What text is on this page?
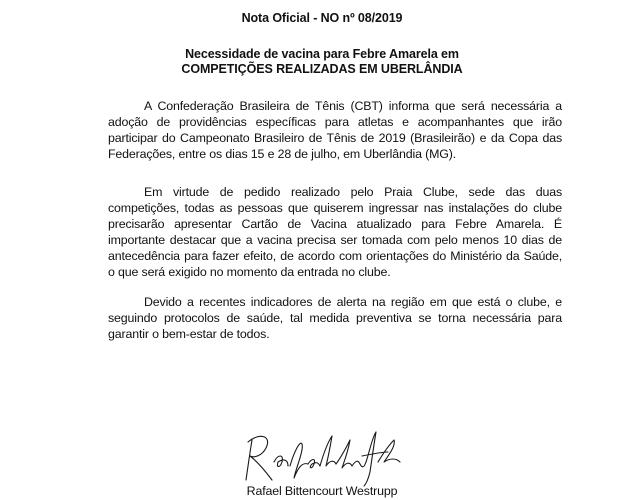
Nota Oficial - NO nº 08/2019
Necessidade de vacina para Febre Amarela em
COMPETIÇÕES REALIZADAS EM UBERLÂNDIA

A Confederação Brasileira de Tênis (CBT) informa que será necessária a adoção de providências específicas para atletas e acompanhantes que irão participar do Campeonato Brasileiro de Tênis de 2019 (Brasileirão) e da Copa das Federações, entre os dias 15 e 28 de julho, em Uberlândia (MG).

Em virtude de pedido realizado pelo Praia Clube, sede das duas competições, todas as pessoas que quiserem ingressar nas instalações do clube precisarão apresentar Cartão de Vacina atualizado para Febre Amarela. É importante destacar que a vacina precisa ser tomada com pelo menos 10 dias de antecedência para fazer efeito, de acordo com orientações do Ministério da Saúde, o que será exigido no momento da entrada no clube.

Devido a recentes indicadores de alerta na região em que está o clube, e seguindo protocolos de saúde, tal medida preventiva se torna necessária para garantir o bem-estar de todos.

Rafael Bittencourt Westrupp
